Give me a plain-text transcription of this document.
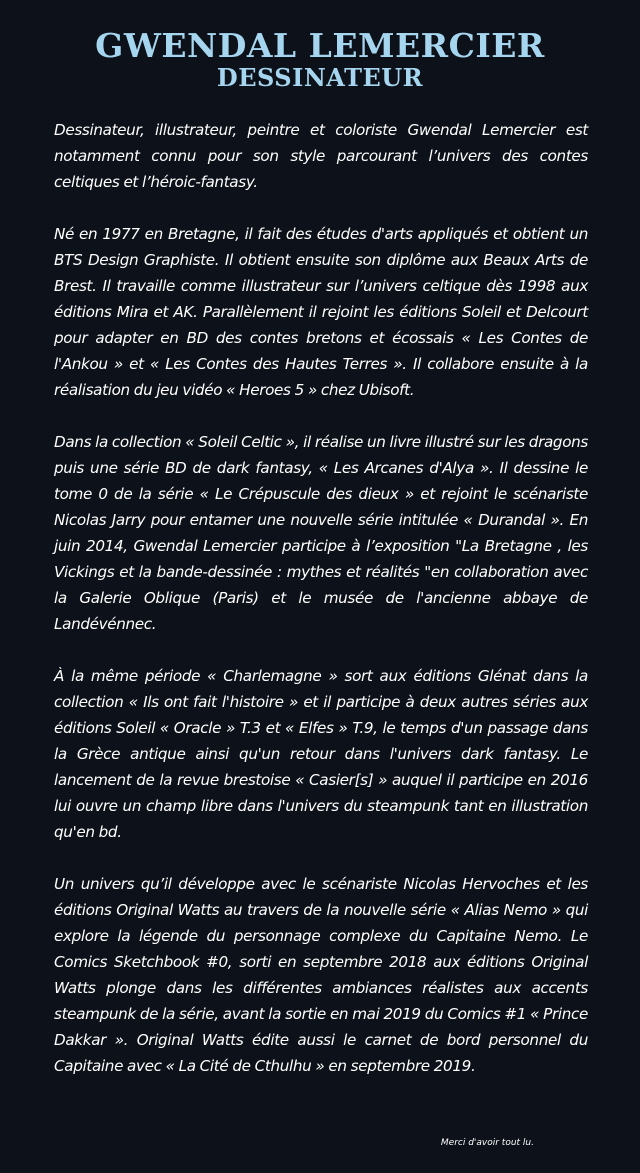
GWENDAL LEMERCIER
DESSINATEUR

Dessinateur, illustrateur, peintre et coloriste Gwendal Lemercier est notamment connu pour son style parcourant l’univers des contes celtiques et l’héroic-fantasy.

Né en 1977 en Bretagne, il fait des études d'arts appliqués et obtient un BTS Design Graphiste. Il obtient ensuite son diplôme aux Beaux Arts de Brest. Il travaille comme illustrateur sur l’univers celtique dès 1998 aux éditions Mira et AK. Parallèlement il rejoint les éditions Soleil et Delcourt pour adapter en BD des contes bretons et écossais « Les Contes de l'Ankou » et « Les Contes des Hautes Terres ». Il collabore ensuite à la réalisation du jeu vidéo « Heroes 5 » chez Ubisoft.

Dans la collection « Soleil Celtic », il réalise un livre illustré sur les dragons puis une série BD de dark fantasy, « Les Arcanes d'Alya ». Il dessine le tome 0 de la série « Le Crépuscule des dieux » et rejoint le scénariste Nicolas Jarry pour entamer une nouvelle série intitulée « Durandal ». En juin 2014, Gwendal Lemercier participe à l’exposition "La Bretagne , les Vickings et la bande-dessinée : mythes et réalités "en collaboration avec la Galerie Oblique (Paris) et le musée de l'ancienne abbaye de Landévénnec.

À la même période « Charlemagne » sort aux éditions Glénat dans la collection « Ils ont fait l'histoire » et il participe à deux autres séries aux éditions Soleil « Oracle » T.3 et « Elfes » T.9, le temps d'un passage dans la Grèce antique ainsi qu'un retour dans l'univers dark fantasy. Le lancement de la revue brestoise « Casier[s] » auquel il participe en 2016 lui ouvre un champ libre dans l'univers du steampunk tant en illustration qu'en bd.

Un univers qu’il développe avec le scénariste Nicolas Hervoches et les éditions Original Watts au travers de la nouvelle série « Alias Nemo » qui explore la légende du personnage complexe du Capitaine Nemo. Le Comics Sketchbook #0, sorti en septembre 2018 aux éditions Original Watts plonge dans les différentes ambiances réalistes aux accents steampunk de la série, avant la sortie en mai 2019 du Comics #1 « Prince Dakkar ». Original Watts édite aussi le carnet de bord personnel du Capitaine avec « La Cité de Cthulhu » en septembre 2019.

Merci d'avoir tout lu.
